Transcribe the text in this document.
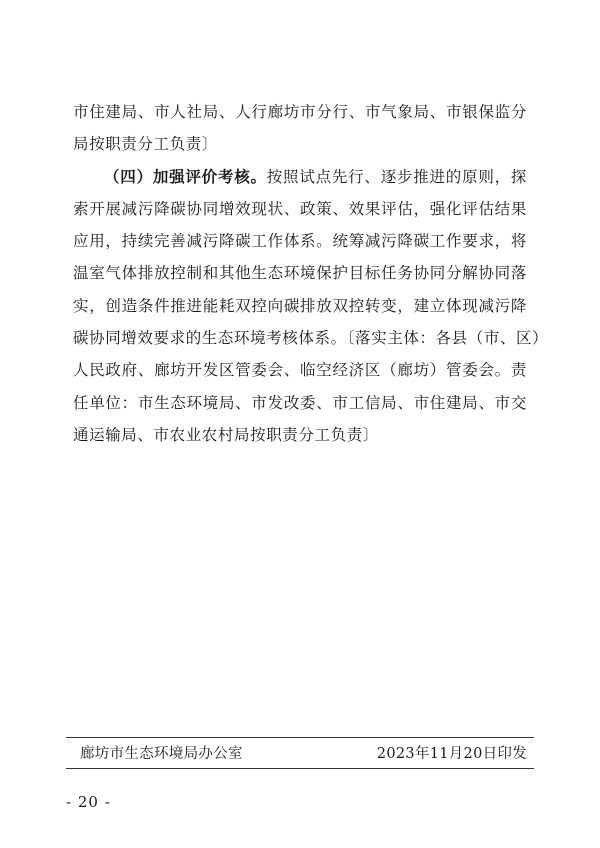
市住建局、市人社局、人行廊坊市分行、市气象局、市银保监分
局按职责分工负责〕
（四）加强评价考核。按照试点先行、逐步推进的原则，探
索开展减污降碳协同增效现状、政策、效果评估，强化评估结果
应用，持续完善减污降碳工作体系。统筹减污降碳工作要求，将
温室气体排放控制和其他生态环境保护目标任务协同分解协同落
实，创造条件推进能耗双控向碳排放双控转变，建立体现减污降
碳协同增效要求的生态环境考核体系。〔落实主体：各县（市、区）
人民政府、廊坊开发区管委会、临空经济区（廊坊）管委会。责
任单位：市生态环境局、市发改委、市工信局、市住建局、市交
通运输局、市农业农村局按职责分工负责〕
廊坊市生态环境局办公室	2023年11月20日印发
- 20 -
